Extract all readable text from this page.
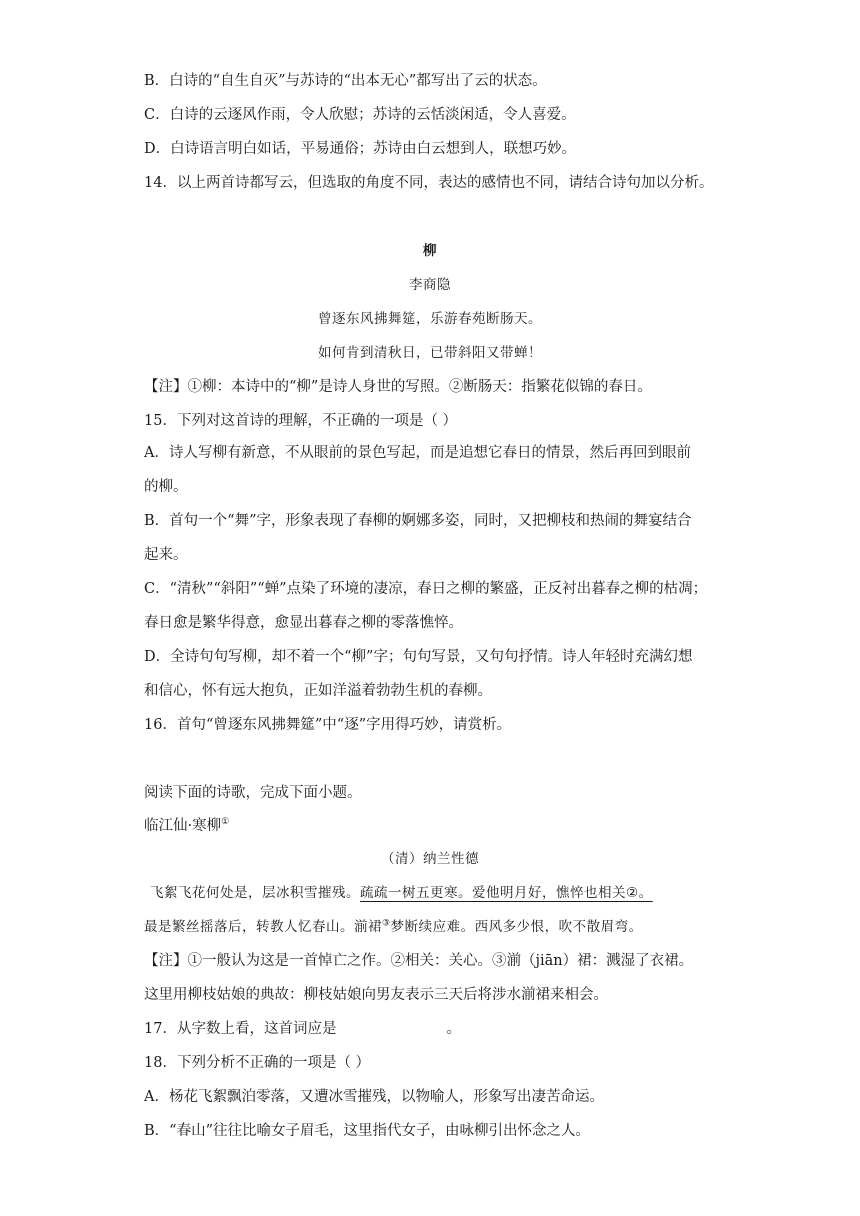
B．白诗的“自生自灭”与苏诗的“出本无心”都写出了云的状态。
C．白诗的云逐风作雨，令人欣慰；苏诗的云恬淡闲适，令人喜爱。
D．白诗语言明白如话，平易通俗；苏诗由白云想到人，联想巧妙。
14．以上两首诗都写云，但选取的角度不同，表达的感情也不同，请结合诗句加以分析。
柳
李商隐
曾逐东风拂舞筵，乐游春苑断肠天。
如何肯到清秋日，已带斜阳又带蝉！
【注】①柳：本诗中的“柳”是诗人身世的写照。②断肠天：指繁花似锦的春日。
15．下列对这首诗的理解，不正确的一项是（ ）
A．诗人写柳有新意，不从眼前的景色写起，而是追想它春日的情景，然后再回到眼前
的柳。
B．首句一个“舞”字，形象表现了春柳的婀娜多姿，同时，又把柳枝和热闹的舞宴结合
起来。
C．“清秋”“斜阳”“蝉”点染了环境的凄凉，春日之柳的繁盛，正反衬出暮春之柳的枯凋；
春日愈是繁华得意，愈显出暮春之柳的零落憔悴。
D．全诗句句写柳，却不着一个“柳”字；句句写景，又句句抒情。诗人年轻时充满幻想
和信心，怀有远大抱负，正如洋溢着勃勃生机的春柳。
16．首句“曾逐东风拂舞筵”中“逐”字用得巧妙，请赏析。
阅读下面的诗歌，完成下面小题。
临江仙·寒柳①
（清）纳兰性德
飞絮飞花何处是，层冰积雪摧残。疏疏一树五更寒。爱他明月好，憔悴也相关②。
最是繁丝摇落后，转教人忆春山。湔裙③梦断续应难。西风多少恨，吹不散眉弯。
【注】①一般认为这是一首悼亡之作。②相关：关心。③湔（jiān）裙：溅湿了衣裙。
这里用柳枝姑娘的典故：柳枝姑娘向男友表示三天后将涉水湔裙来相会。
17．从字数上看，这首词应是	。
18．下列分析不正确的一项是（ ）
A．杨花飞絮飘泊零落，又遭冰雪摧残，以物喻人，形象写出凄苦命运。
B．“春山”往往比喻女子眉毛，这里指代女子，由咏柳引出怀念之人。
